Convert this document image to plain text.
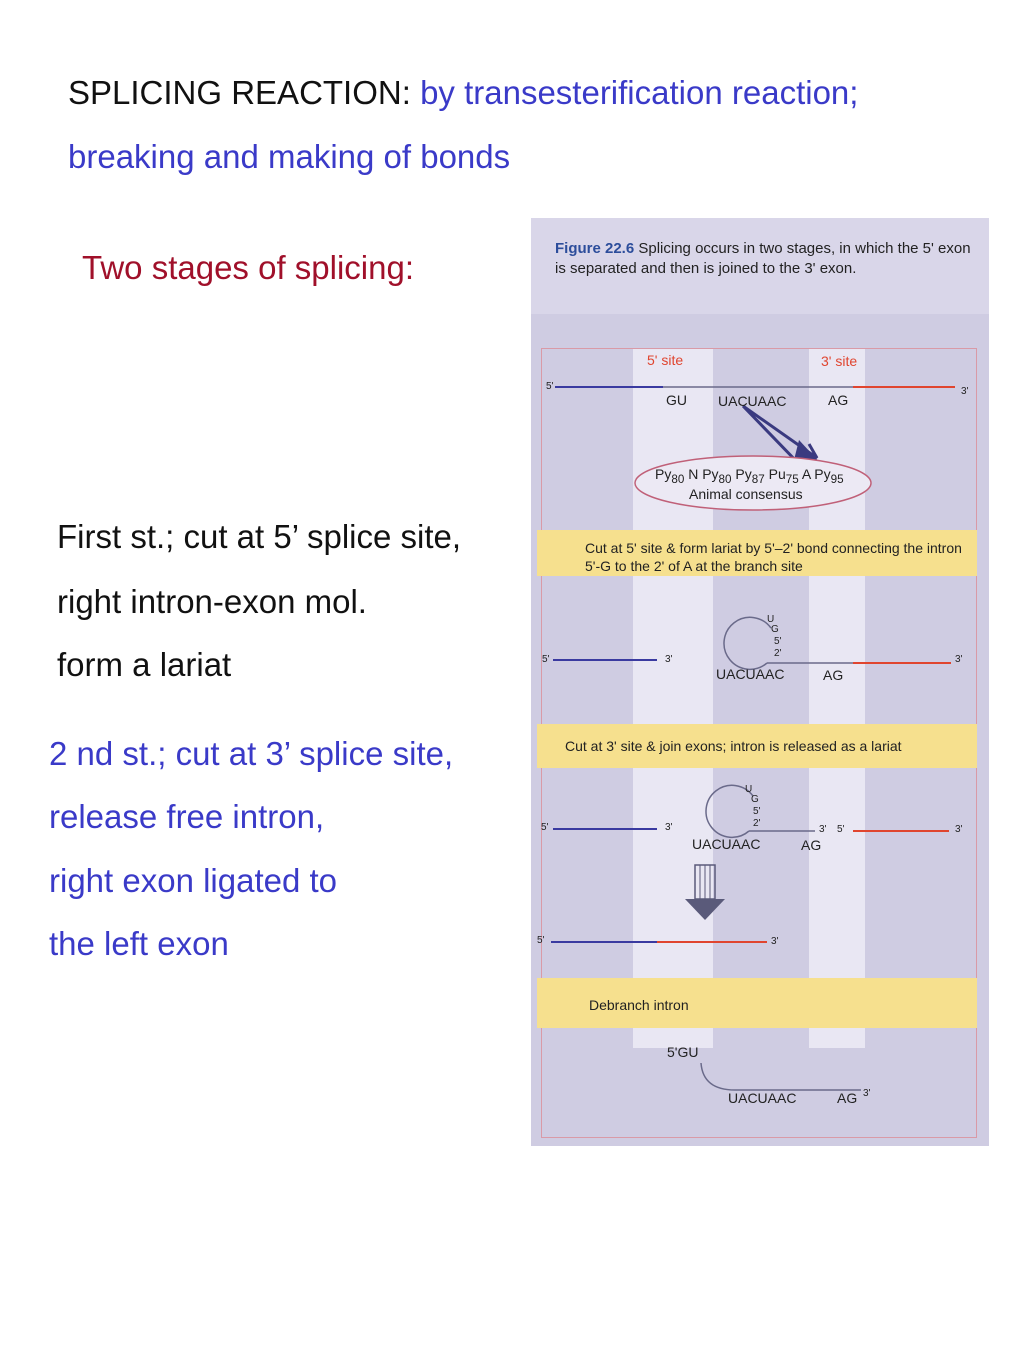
SPLICING REACTION: by transesterification reaction;
breaking and making of bonds
Two stages of splicing:
First st.; cut at 5’ splice site,
right intron-exon mol.
form a lariat
2 nd st.; cut at 3’ splice site,
release free intron,
right exon ligated to
the left exon
Figure 22.6 Splicing occurs in two stages, in which the 5' exon is separated and then is joined to the 3' exon.
5' site	3' site
5'	3'
GU UACUAAC	AG
$Py_{80}$ N $Py_{80}$ $Py_{87}$ $Pu_{75}$ A $Py_{95}$
Animal consensus
Cut at 5' site & form lariat by 5'–2' bond connecting the intron 5'-G to the 2' of A at the branch site
Cut at 3' site & join exons; intron is released as a lariat
Debranch intron
5'	3'
U
G
5'
2'
UACUAAC	AG
3'
5'	3'
U
G
5'
2'
3' 5'	3'
UACUAAC	AG
5'	3'
5'GU
UACUAAC	AG 3'
